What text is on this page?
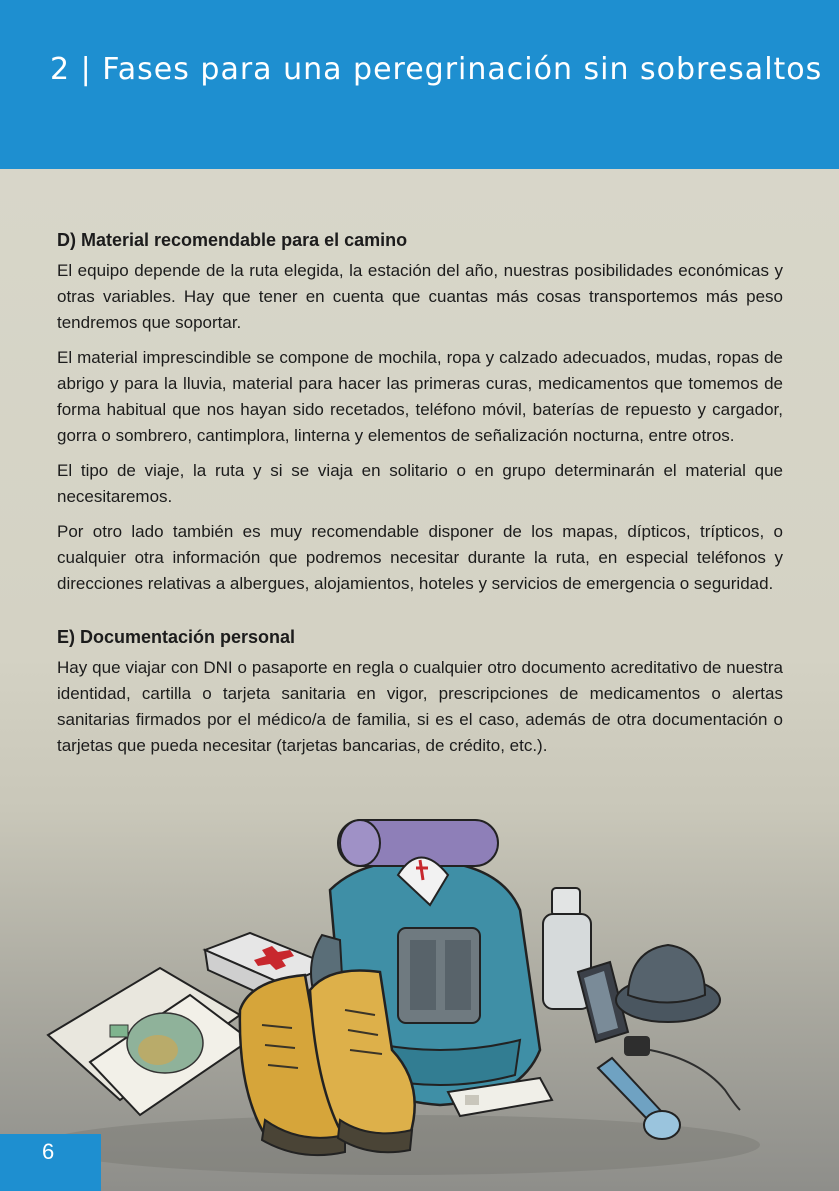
2 | Fases para una peregrinación sin sobresaltos
D) Material recomendable para el camino

El equipo depende de la ruta elegida, la estación del año, nuestras posibilidades económicas y otras variables. Hay que tener en cuenta que cuantas más cosas transportemos más peso tendremos que soportar.

El material imprescindible se compone de mochila, ropa y calzado adecuados, mudas, ropas de abrigo y para la lluvia, material para hacer las primeras curas, medicamentos que tomemos de forma habitual que nos hayan sido recetados, teléfono móvil, baterías de repuesto y cargador, gorra o sombrero, cantimplora, linterna y elementos de señalización nocturna, entre otros.

El tipo de viaje, la ruta y si se viaja en solitario o en grupo determinarán el material que necesitaremos.

Por otro lado también es muy recomendable disponer de los mapas, dípticos, trípticos, o cualquier otra información que podremos necesitar durante la ruta, en especial teléfonos y direcciones relativas a albergues, alojamientos, hoteles y servicios de emergencia o seguridad.

E) Documentación personal

Hay que viajar con DNI o pasaporte en regla o cualquier otro documento acreditativo de nuestra identidad, cartilla o tarjeta sanitaria en vigor, prescripciones de medicamentos o alertas sanitarias firmados por el médico/a de familia, si es el caso, además de otra documentación o tarjetas que pueda necesitar (tarjetas bancarias, de crédito, etc.).

6
